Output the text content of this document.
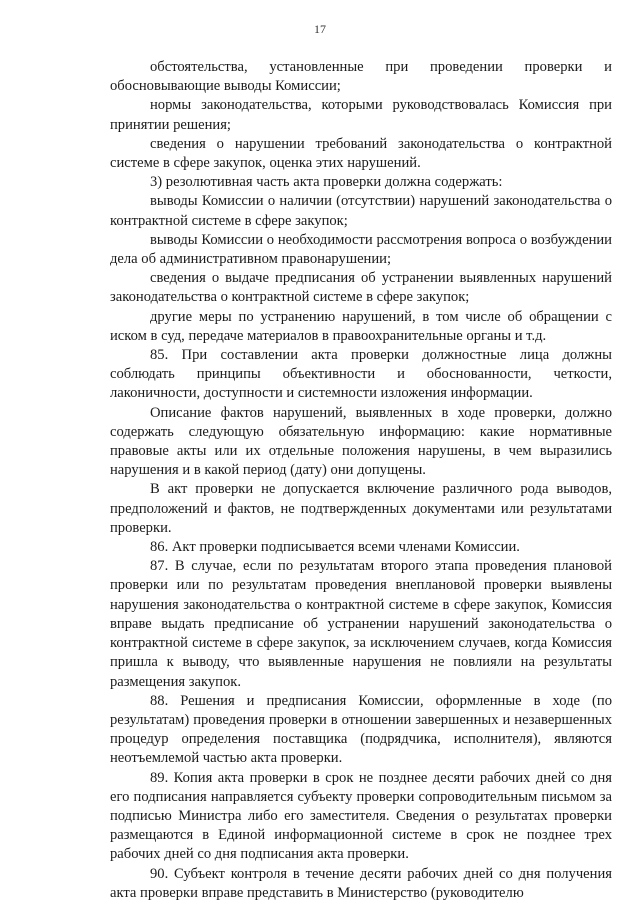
17

обстоятельства, установленные при проведении проверки и обосновывающие выводы Комиссии;

нормы законодательства, которыми руководствовалась Комиссия при принятии решения;

сведения о нарушении требований законодательства о контрактной системе в сфере закупок, оценка этих нарушений.

3) резолютивная часть акта проверки должна содержать:

выводы Комиссии о наличии (отсутствии) нарушений законодательства о контрактной системе в сфере закупок;

выводы Комиссии о необходимости рассмотрения вопроса о возбуждении дела об административном правонарушении;

сведения о выдаче предписания об устранении выявленных нарушений законодательства о контрактной системе в сфере закупок;

другие меры по устранению нарушений, в том числе об обращении с иском в суд, передаче материалов в правоохранительные органы и т.д.

85. При составлении акта проверки должностные лица должны соблюдать принципы объективности и обоснованности, четкости, лаконичности, доступности и системности изложения информации.

Описание фактов нарушений, выявленных в ходе проверки, должно содержать следующую обязательную информацию: какие нормативные правовые акты или их отдельные положения нарушены, в чем выразились нарушения и в какой период (дату) они допущены.

В акт проверки не допускается включение различного рода выводов, предположений и фактов, не подтвержденных документами или результатами проверки.

86. Акт проверки подписывается всеми членами Комиссии.

87. В случае, если по результатам второго этапа проведения плановой проверки или по результатам проведения внеплановой проверки выявлены нарушения законодательства о контрактной системе в сфере закупок, Комиссия вправе выдать предписание об устранении нарушений законодательства о контрактной системе в сфере закупок, за исключением случаев, когда Комиссия пришла к выводу, что выявленные нарушения не повлияли на результаты размещения закупок.

88. Решения и предписания Комиссии, оформленные в ходе (по результатам) проведения проверки в отношении завершенных и незавершенных процедур определения поставщика (подрядчика, исполнителя), являются неотъемлемой частью акта проверки.

89. Копия акта проверки в срок не позднее десяти рабочих дней со дня его подписания направляется субъекту проверки сопроводительным письмом за подписью Министра либо его заместителя. Сведения о результатах проверки размещаются в Единой информационной системе в срок не позднее трех рабочих дней со дня подписания акта проверки.

90. Субъект контроля в течение десяти рабочих дней со дня получения акта проверки вправе представить в Министерство (руководителю
